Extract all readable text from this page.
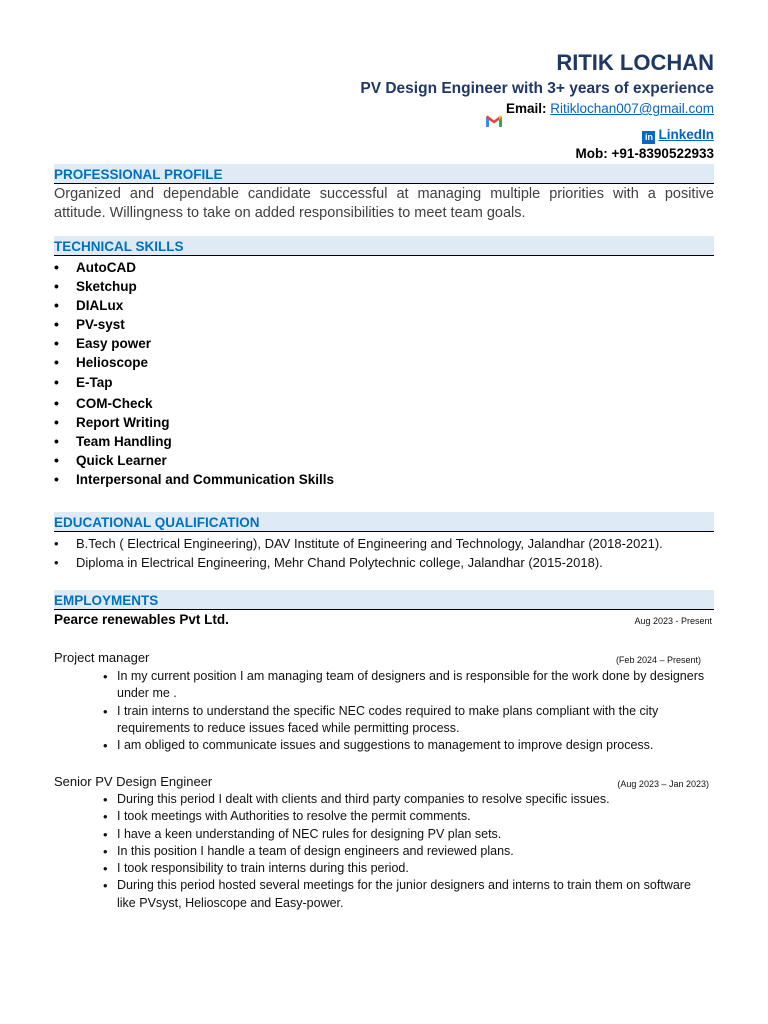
RITIK LOCHAN
PV Design Engineer with 3+ years of experience
Email: Ritiklochan007@gmail.com
in LinkedIn
Mob: +91-8390522933
PROFESSIONAL PROFILE
Organized and dependable candidate successful at managing multiple priorities with a positive attitude. Willingness to take on added responsibilities to meet team goals.
TECHNICAL SKILLS
• AutoCAD
• Sketchup
• DIALux
• PV-syst
• Easy power
• Helioscope
• E-Tap
• COM-Check
• Report Writing
• Team Handling
• Quick Learner
• Interpersonal and Communication Skills
EDUCATIONAL QUALIFICATION
• B.Tech ( Electrical Engineering), DAV Institute of Engineering and Technology, Jalandhar (2018-2021).
• Diploma in Electrical Engineering, Mehr Chand Polytechnic college, Jalandhar (2015-2018).
EMPLOYMENTS
Pearce renewables Pvt Ltd.	Aug 2023 - Present
Project manager	(Feb 2024 – Present)
• In my current position I am managing team of designers and is responsible for the work done by designers under me .
• I train interns to understand the specific NEC codes required to make plans compliant with the city requirements to reduce issues faced while permitting process.
• I am obliged to communicate issues and suggestions to management to improve design process.
Senior PV Design Engineer	(Aug 2023 – Jan 2023)
• During this period I dealt with clients and third party companies to resolve specific issues.
• I took meetings with Authorities to resolve the permit comments.
• I have a keen understanding of NEC rules for designing PV plan sets.
• In this position I handle a team of design engineers and reviewed plans.
• I took responsibility to train interns during this period.
• During this period hosted several meetings for the junior designers and interns to train them on software like PVsyst, Helioscope and Easy-power.
